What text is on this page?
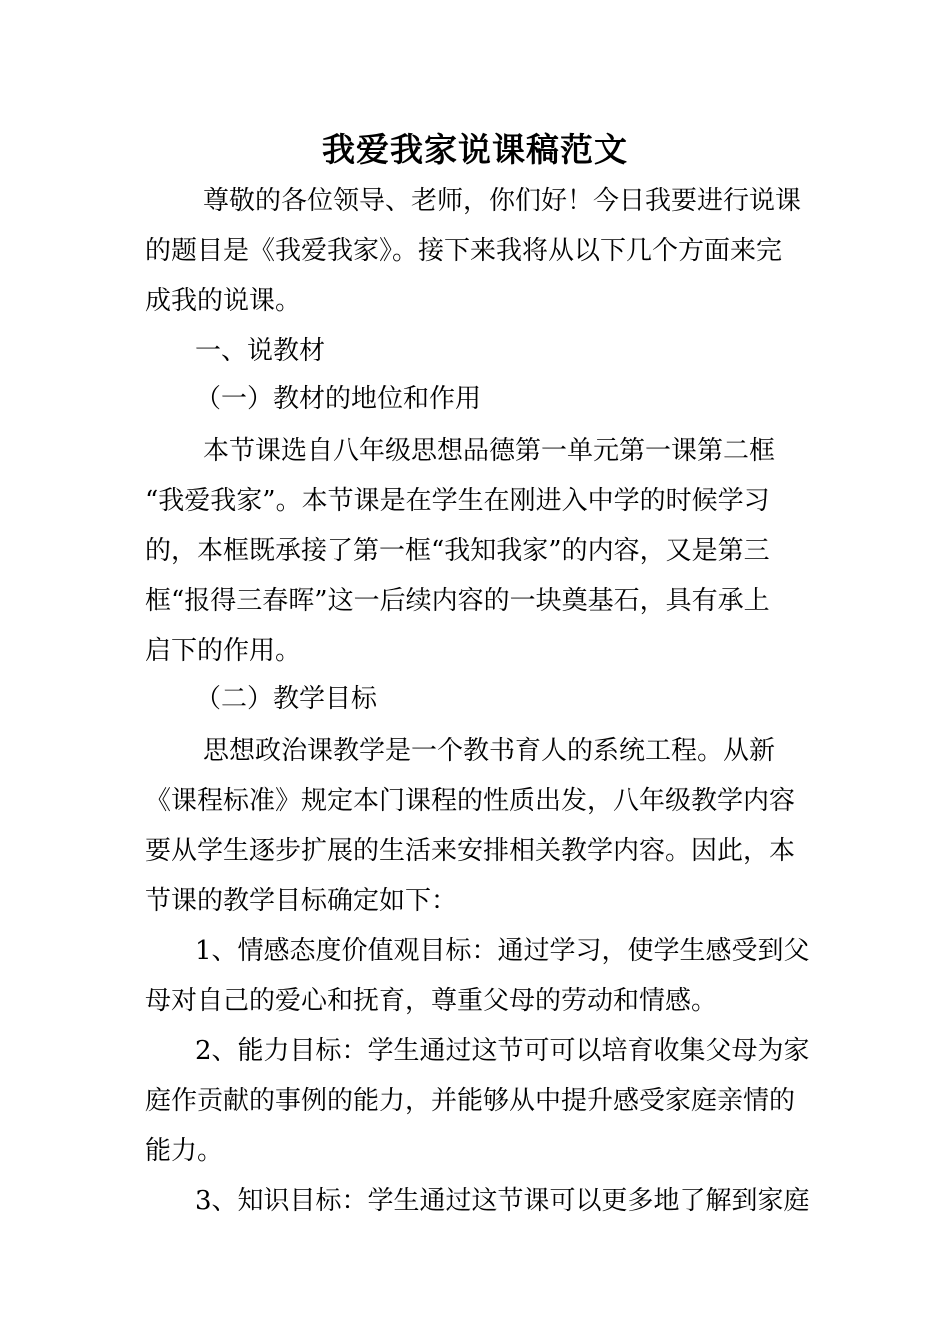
我爱我家说课稿范文
尊敬的各位领导、老师，你们好！今日我要进行说课
的题目是《我爱我家》。接下来我将从以下几个方面来完
成我的说课。
一、说教材
（一）教材的地位和作用
本节课选自八年级思想品德第一单元第一课第二框
“我爱我家”。本节课是在学生在刚进入中学的时候学习
的，本框既承接了第一框“我知我家”的内容，又是第三
框“报得三春晖”这一后续内容的一块奠基石，具有承上
启下的作用。
（二）教学目标
思想政治课教学是一个教书育人的系统工程。从新
《课程标准》规定本门课程的性质出发，八年级教学内容
要从学生逐步扩展的生活来安排相关教学内容。因此，本
节课的教学目标确定如下：
1、情感态度价值观目标：通过学习，使学生感受到父
母对自己的爱心和抚育，尊重父母的劳动和情感。
2、能力目标：学生通过这节可可以培育收集父母为家
庭作贡献的事例的能力，并能够从中提升感受家庭亲情的
能力。
3、知识目标：学生通过这节课可以更多地了解到家庭
